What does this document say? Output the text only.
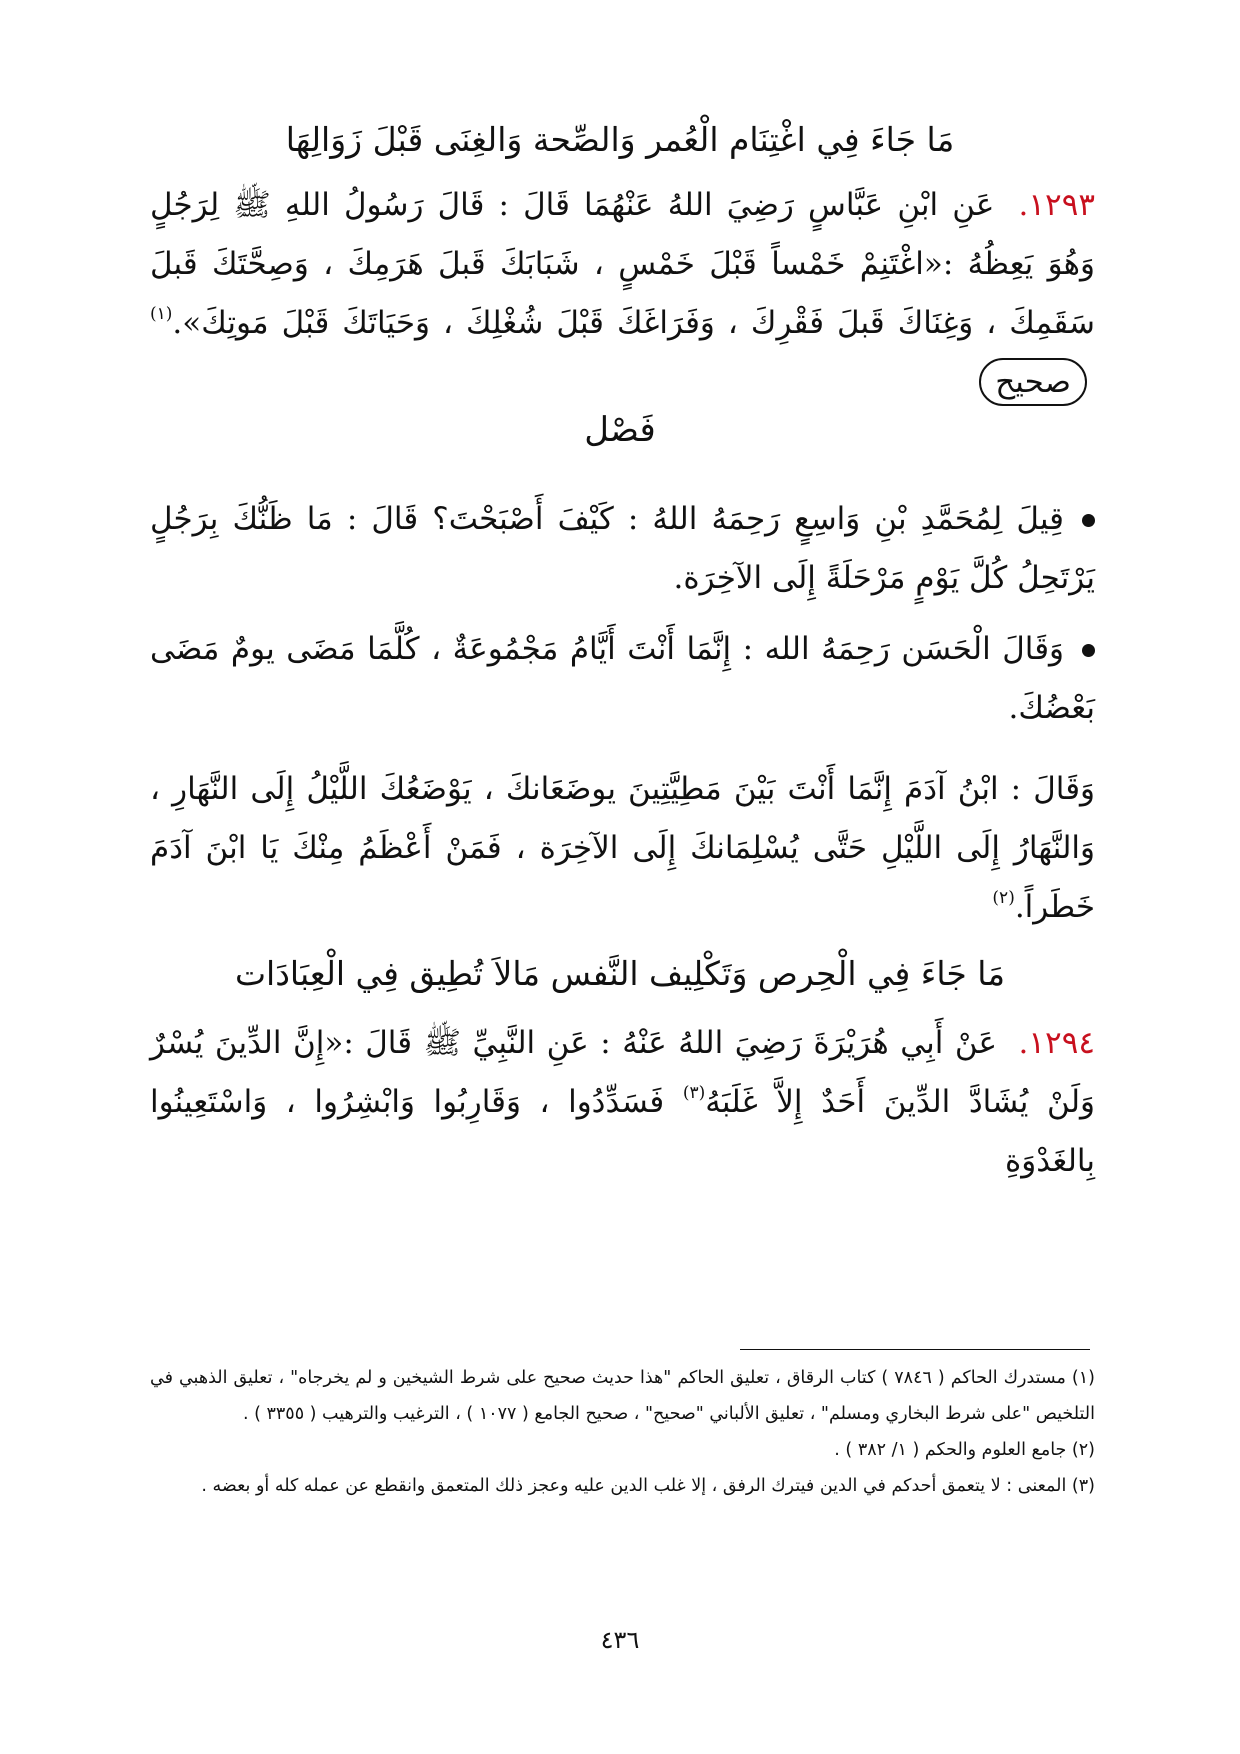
مَا جَاءَ فِي اغْتِنَام الْعُمر وَالصِّحة وَالغِنَى قَبْلَ زَوَالِهَا

١٢٩٣. عَنِ ابْنِ عَبَّاسٍ رَضِيَ اللهُ عَنْهُمَا قَالَ : قَالَ رَسُولُ اللهِ ﷺ لِرَجُلٍ وَهُوَ يَعِظُهُ :«اغْتَنِمْ خَمْساً قَبْلَ خَمْسٍ ، شَبَابَكَ قَبلَ هَرَمِكَ ، وَصِحَّتَكَ قَبلَ سَقَمِكَ ، وَغِنَاكَ قَبلَ فَقْرِكَ ، وَفَرَاغَكَ قَبْلَ شُغْلِكَ ، وَحَيَاتَكَ قَبْلَ مَوتِكَ».$^{(١)}$ صحيح

فَصْل

قِيلَ لِمُحَمَّدِ بْنِ وَاسِعٍ رَحِمَهُ اللهُ : كَيْفَ أَصْبَحْتَ؟ قَالَ : مَا ظَنُّكَ بِرَجُلٍ يَرْتَحِلُ كُلَّ يَوْمٍ مَرْحَلَةً إِلَى الآخِرَة.

وَقَالَ الْحَسَن رَحِمَهُ الله : إِنَّمَا أَنْتَ أَيَّامُ مَجْمُوعَةٌ ، كُلَّمَا مَضَى يومٌ مَضَى بَعْضُكَ.

وَقَالَ : ابْنُ آدَمَ إِنَّمَا أَنْتَ بَيْنَ مَطِيَّتِينَ يوضَعَانكَ ، يَوْضَعُكَ اللَّيْلُ إِلَى النَّهَارِ ، وَالنَّهَارُ إِلَى اللَّيْلِ حَتَّى يُسْلِمَانكَ إِلَى الآخِرَة ، فَمَنْ أَعْظَمُ مِنْكَ يَا ابْنَ آدَمَ خَطَراً.$^{(٢)}$

مَا جَاءَ فِي الْحِرص وَتَكْلِيف النَّفس مَالاَ تُطِيق فِي الْعِبَادَات

١٢٩٤. عَنْ أَبِي هُرَيْرَةَ رَضِيَ اللهُ عَنْهُ : عَنِ النَّبِيِّ ﷺ قَالَ :«إِنَّ الدِّينَ يُسْرٌ وَلَنْ يُشَادَّ الدِّينَ أَحَدٌ إِلاَّ غَلَبَهُ$^{(٣)}$ فَسَدِّدُوا ، وَقَارِبُوا وَابْشِرُوا ، وَاسْتَعِينُوا بِالغَدْوَةِ

(١) مستدرك الحاكم ( ٧٨٤٦ ) كتاب الرقاق ، تعليق الحاكم "هذا حديث صحيح على شرط الشيخين و لم يخرجاه" ، تعليق الذهبي في التلخيص "على شرط البخاري ومسلم" ، تعليق الألباني "صحيح" ، صحيح الجامع ( ١٠٧٧ ) ، الترغيب والترهيب ( ٣٣٥٥ ) .

(٢) جامع العلوم والحكم ( ١/ ٣٨٢ ) .

(٣) المعنى : لا يتعمق أحدكم في الدين فيترك الرفق ، إلا غلب الدين عليه وعجز ذلك المتعمق وانقطع عن عمله كله أو بعضه .

٤٣٦
